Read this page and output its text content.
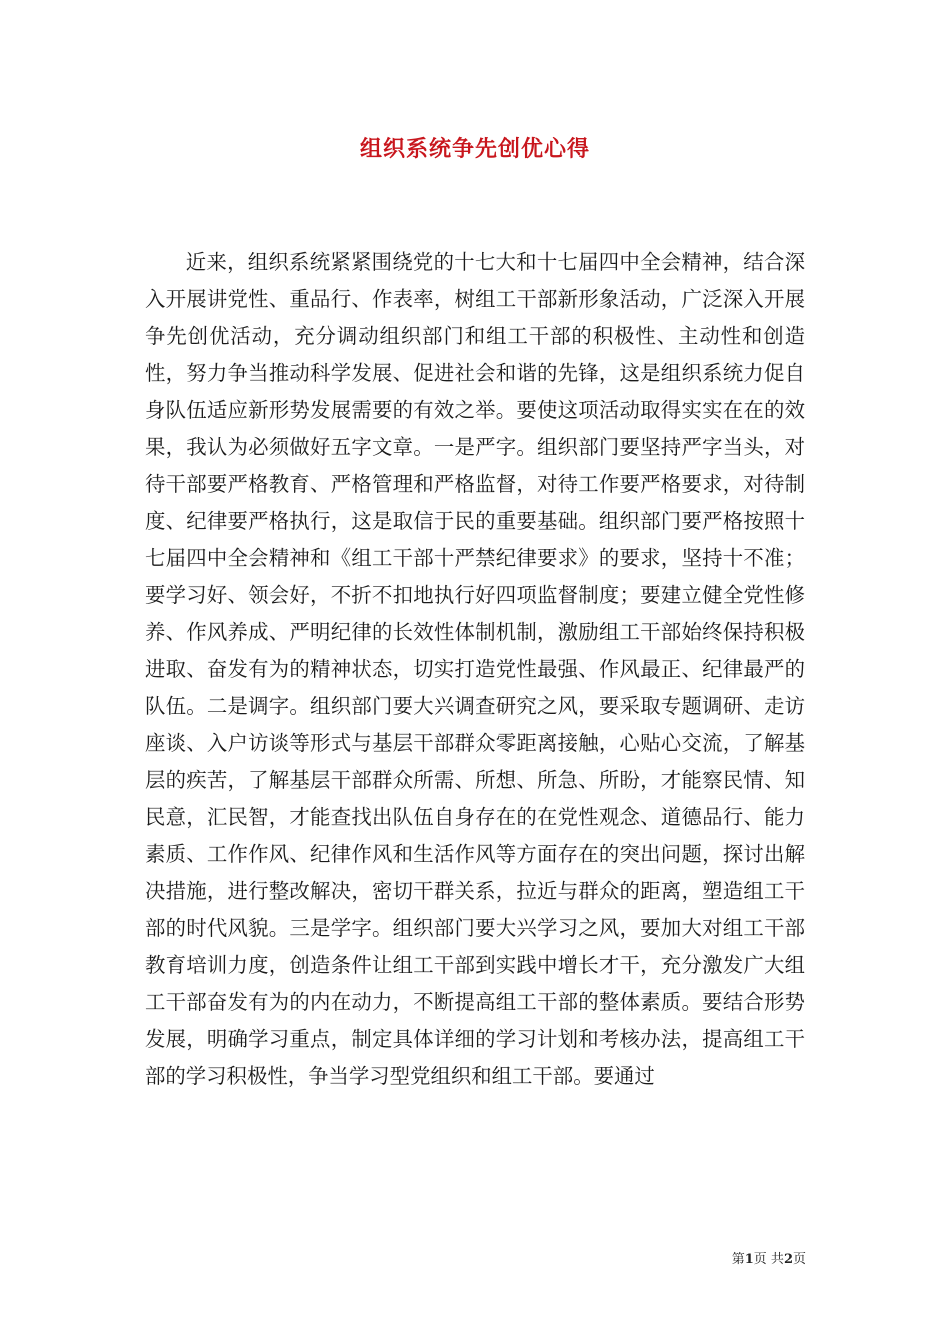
组织系统争先创优心得

近来，组织系统紧紧围绕党的十七大和十七届四中全会精神，结合深入开展讲党性、重品行、作表率，树组工干部新形象活动，广泛深入开展争先创优活动，充分调动组织部门和组工干部的积极性、主动性和创造性，努力争当推动科学发展、促进社会和谐的先锋，这是组织系统力促自身队伍适应新形势发展需要的有效之举。要使这项活动取得实实在在的效果，我认为必须做好五字文章。一是严字。组织部门要坚持严字当头，对待干部要严格教育、严格管理和严格监督，对待工作要严格要求，对待制度、纪律要严格执行，这是取信于民的重要基础。组织部门要严格按照十七届四中全会精神和《组工干部十严禁纪律要求》的要求，坚持十不准；要学习好、领会好，不折不扣地执行好四项监督制度；要建立健全党性修养、作风养成、严明纪律的长效性体制机制，激励组工干部始终保持积极进取、奋发有为的精神状态，切实打造党性最强、作风最正、纪律最严的队伍。二是调字。组织部门要大兴调查研究之风，要采取专题调研、走访座谈、入户访谈等形式与基层干部群众零距离接触，心贴心交流，了解基层的疾苦，了解基层干部群众所需、所想、所急、所盼，才能察民情、知民意，汇民智，才能查找出队伍自身存在的在党性观念、道德品行、能力素质、工作作风、纪律作风和生活作风等方面存在的突出问题，探讨出解决措施，进行整改解决，密切干群关系，拉近与群众的距离，塑造组工干部的时代风貌。三是学字。组织部门要大兴学习之风，要加大对组工干部教育培训力度，创造条件让组工干部到实践中增长才干，充分激发广大组工干部奋发有为的内在动力，不断提高组工干部的整体素质。要结合形势发展，明确学习重点，制定具体详细的学习计划和考核办法，提高组工干部的学习积极性，争当学习型党组织和组工干部。要通过

第1页 共2页
